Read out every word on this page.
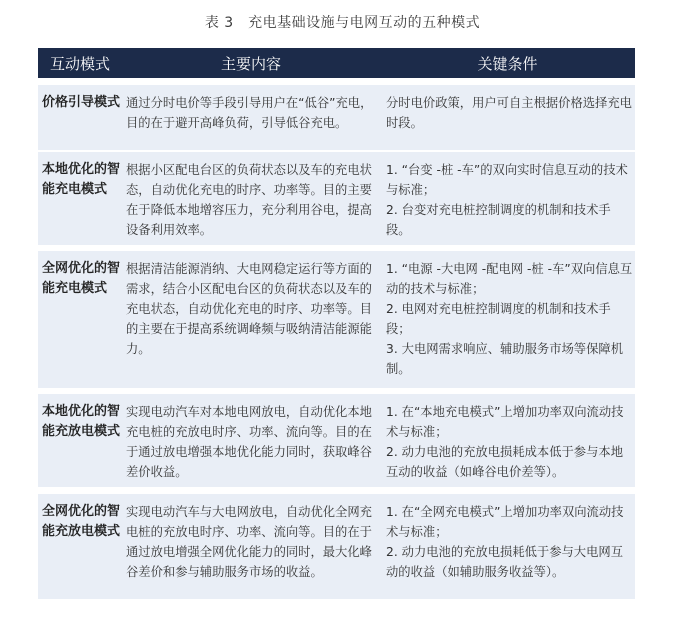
表 3　充电基础设施与电网互动的五种模式
互动模式	主要内容	关键条件
价格引导模式 通过分时电价等手段引导用户在“低谷”充电，目的在于避开高峰负荷，引导低谷充电。
分时电价政策，用户可自主根据价格选择充电时段。
本地优化的智能充电模式
根据小区配电台区的负荷状态以及车的充电状态，自动优化充电的时序、功率等。目的主要在于降低本地增容压力，充分利用谷电，提高设备利用效率。
1. “台变 -桩 -车”的双向实时信息互动的技术与标准；
2. 台变对充电桩控制调度的机制和技术手段。
全网优化的智能充电模式
根据清洁能源消纳、大电网稳定运行等方面的需求，结合小区配电台区的负荷状态以及车的充电状态，自动优化充电的时序、功率等。目的主要在于提高系统调峰频与吸纳清洁能源能力。
1. “电源 -大电网 -配电网 -桩 -车”双向信息互动的技术与标准；
2. 电网对充电桩控制调度的机制和技术手段；
3. 大电网需求响应、辅助服务市场等保障机制。
本地优化的智能充放电模式
实现电动汽车对本地电网放电，自动优化本地充电桩的充放电时序、功率、流向等。目的在于通过放电增强本地优化能力同时，获取峰谷差价收益。
1. 在“本地充电模式”上增加功率双向流动技术与标准；
2. 动力电池的充放电损耗成本低于参与本地互动的收益（如峰谷电价差等）。
全网优化的智能充放电模式
实现电动汽车与大电网放电，自动优化全网充电桩的充放电时序、功率、流向等。目的在于通过放电增强全网优化能力的同时，最大化峰谷差价和参与辅助服务市场的收益。
1. 在“全网充电模式”上增加功率双向流动技术与标准；
2. 动力电池的充放电损耗低于参与大电网互动的收益（如辅助服务收益等）。
